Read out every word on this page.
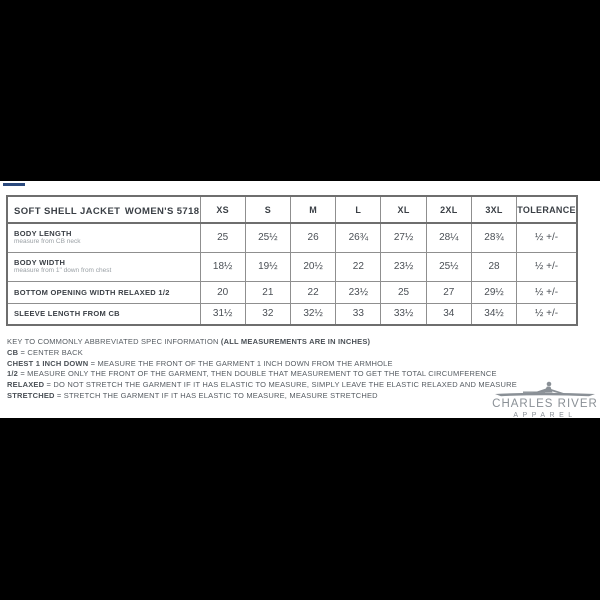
SOFT SHELL JACKET WOMEN'S 5718	XS	S	M	L	XL	2XL	3XL	TOLERANCE

BODY LENGTH
measure from CB neck	25	25½	26	26¾	27½	28¼	28¾	½ +/-

BODY WIDTH
measure from 1" down from chest	18½	19½	20½	22	23½	25½	28	½ +/-

BOTTOM OPENING WIDTH RELAXED 1/2	20	21	22	23½	25	27	29½	½ +/-

SLEEVE LENGTH FROM CB	31½	32	32½	33	33½	34	34½	½ +/-
KEY TO COMMONLY ABBREVIATED SPEC INFORMATION (ALL MEASUREMENTS ARE IN INCHES)
CB = CENTER BACK
CHEST 1 INCH DOWN = MEASURE THE FRONT OF THE GARMENT 1 INCH DOWN FROM THE ARMHOLE
1/2 = MEASURE ONLY THE FRONT OF THE GARMENT, THEN DOUBLE THAT MEASUREMENT TO GET THE TOTAL CIRCUMFERENCE
RELAXED = DO NOT STRETCH THE GARMENT IF IT HAS ELASTIC TO MEASURE, SIMPLY LEAVE THE ELASTIC RELAXED AND MEASURE
STRETCHED = STRETCH THE GARMENT IF IT HAS ELASTIC TO MEASURE, MEASURE STRETCHED
CHARLES RIVER
APPAREL
